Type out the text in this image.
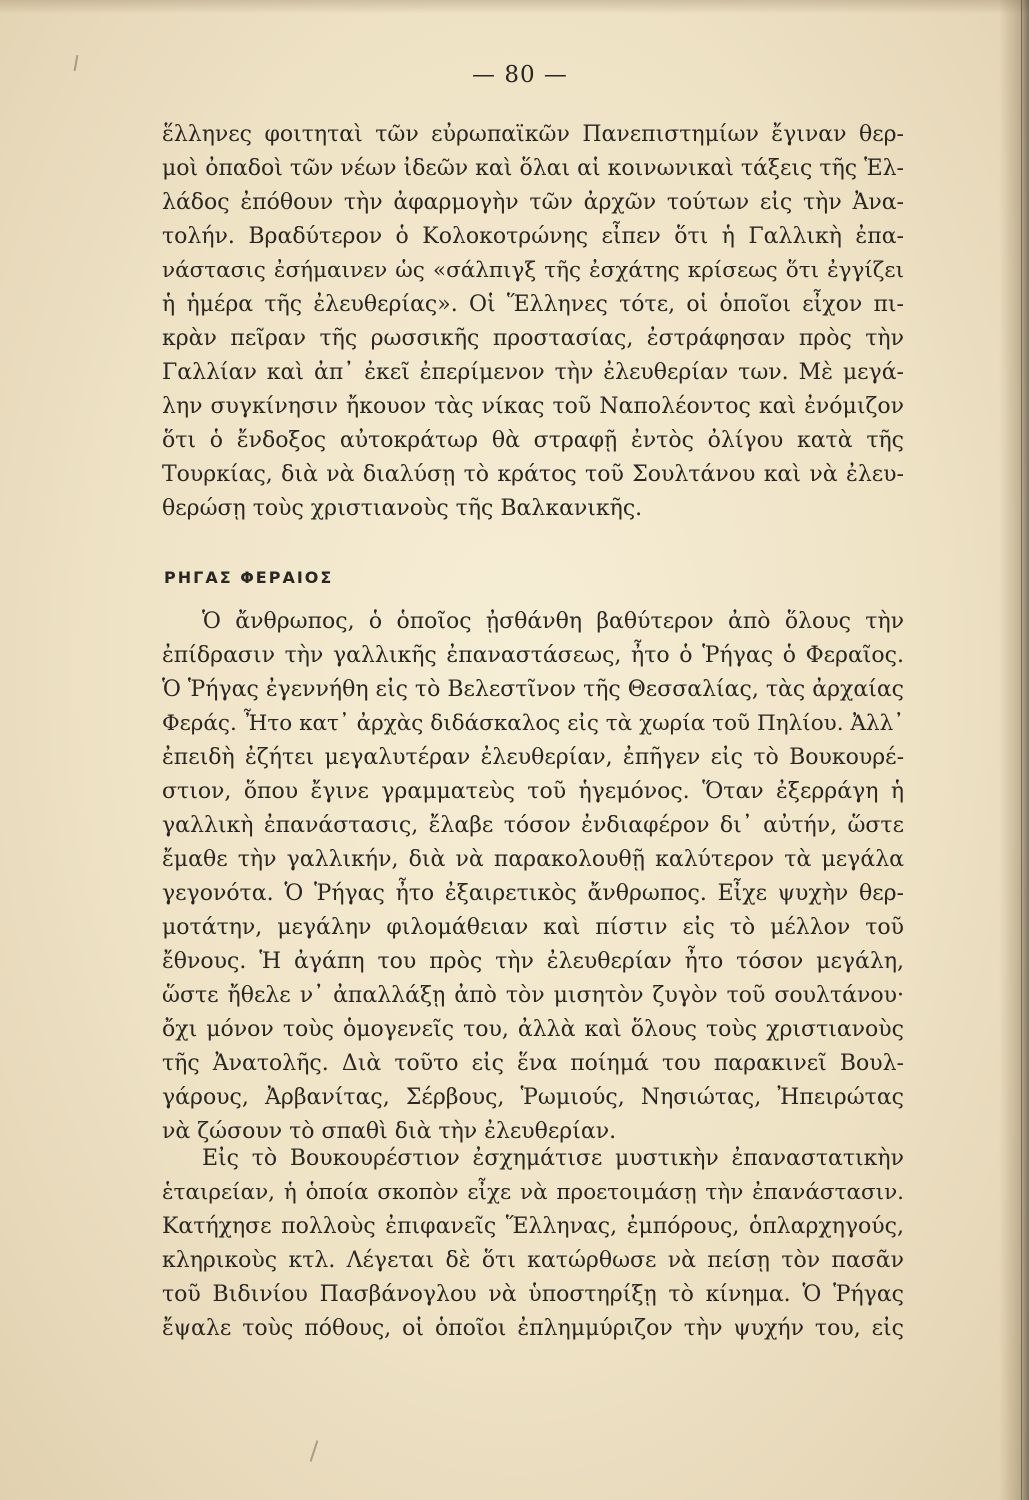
— 80 —
ἕλληνες φοιτηταὶ τῶν εὐρωπαϊκῶν Πανεπιστημίων ἔγιναν θερ-
μοὶ ὀπαδοὶ τῶν νέων ἰδεῶν καὶ ὅλαι αἱ κοινωνικαὶ τάξεις τῆς Ἑλ-
λάδος ἐπόθουν τὴν ἀφαρμογὴν τῶν ἀρχῶν τούτων εἰς τὴν Ἀνα-
τολήν. Βραδύτερον ὁ Κολοκοτρώνης εἶπεν ὅτι ἡ Γαλλικὴ ἐπα-
νάστασις ἐσήμαινεν ὡς «σάλπιγξ τῆς ἐσχάτης κρίσεως ὅτι ἐγγίζει
ἡ ἡμέρα τῆς ἐλευθερίας». Οἱ Ἕλληνες τότε, οἱ ὁποῖοι εἶχον πι-
κρὰν πεῖραν τῆς ρωσσικῆς προστασίας, ἐστράφησαν πρὸς τὴν
Γαλλίαν καὶ ἀπ᾽ ἐκεῖ ἐπερίμενον τὴν ἐλευθερίαν των. Μὲ μεγά-
λην συγκίνησιν ἤκουον τὰς νίκας τοῦ Ναπολέοντος καὶ ἐνόμιζον
ὅτι ὁ ἔνδοξος αὐτοκράτωρ θὰ στραφῇ ἐντὸς ὀλίγου κατὰ τῆς
Τουρκίας, διὰ νὰ διαλύσῃ τὸ κράτος τοῦ Σουλτάνου καὶ νὰ ἐλευ-
θερώσῃ τοὺς χριστιανοὺς τῆς Βαλκανικῆς.
ΡΗΓΑΣ ΦΕΡΑΙΟΣ
Ὁ ἄνθρωπος, ὁ ὁποῖος ᾐσθάνθη βαθύτερον ἀπὸ ὅλους τὴν
ἐπίδρασιν τὴν γαλλικῆς ἐπαναστάσεως, ἦτο ὁ Ῥήγας ὁ Φεραῖος.
Ὁ Ῥήγας ἐγεννήθη εἰς τὸ Βελεστῖνον τῆς Θεσσαλίας, τὰς ἀρχαίας
Φεράς. Ἦτο κατ᾽ ἀρχὰς διδάσκαλος εἰς τὰ χωρία τοῦ Πηλίου. Ἀλλ᾽
ἐπειδὴ ἐζήτει μεγαλυτέραν ἐλευθερίαν, ἐπῆγεν εἰς τὸ Βουκουρέ-
στιον, ὅπου ἔγινε γραμματεὺς τοῦ ἡγεμόνος. Ὅταν ἐξερράγη ἡ
γαλλικὴ ἐπανάστασις, ἔλαβε τόσον ἐνδιαφέρον δι᾽ αὐτήν, ὥστε
ἔμαθε τὴν γαλλικήν, διὰ νὰ παρακολουθῇ καλύτερον τὰ μεγάλα
γεγονότα. Ὁ Ῥήγας ἦτο ἐξαιρετικὸς ἄνθρωπος. Εἶχε ψυχὴν θερ-
μοτάτην, μεγάλην φιλομάθειαν καὶ πίστιν εἰς τὸ μέλλον τοῦ
ἔθνους. Ἡ ἀγάπη του πρὸς τὴν ἐλευθερίαν ἦτο τόσον μεγάλη,
ὥστε ἤθελε ν᾽ ἀπαλλάξῃ ἀπὸ τὸν μισητὸν ζυγὸν τοῦ σουλτάνου·
ὄχι μόνον τοὺς ὁμογενεῖς του, ἀλλὰ καὶ ὅλους τοὺς χριστιανοὺς
τῆς Ἀνατολῆς. Διὰ τοῦτο εἰς ἕνα ποίημά του παρακινεῖ Βουλ-
γάρους, Ἀρβανίτας, Σέρβους, Ῥωμιούς, Νησιώτας, Ἠπειρώτας
νὰ ζώσουν τὸ σπαθὶ διὰ τὴν ἐλευθερίαν.
Εἰς τὸ Βουκουρέστιον ἐσχημάτισε μυστικὴν ἐπαναστατικὴν
ἑταιρείαν, ἡ ὁποία σκοπὸν εἶχε νὰ προετοιμάσῃ τὴν ἐπανάστασιν.
Κατήχησε πολλοὺς ἐπιφανεῖς Ἕλληνας, ἐμπόρους, ὁπλαρχηγούς,
κληρικοὺς κτλ. Λέγεται δὲ ὅτι κατώρθωσε νὰ πείσῃ τὸν πασᾶν
τοῦ Βιδινίου Πασβάνογλου νὰ ὑποστηρίξῃ τὸ κίνημα. Ὁ Ῥήγας
ἔψαλε τοὺς πόθους, οἱ ὁποῖοι ἐπλημμύριζον τὴν ψυχήν του, εἰς
